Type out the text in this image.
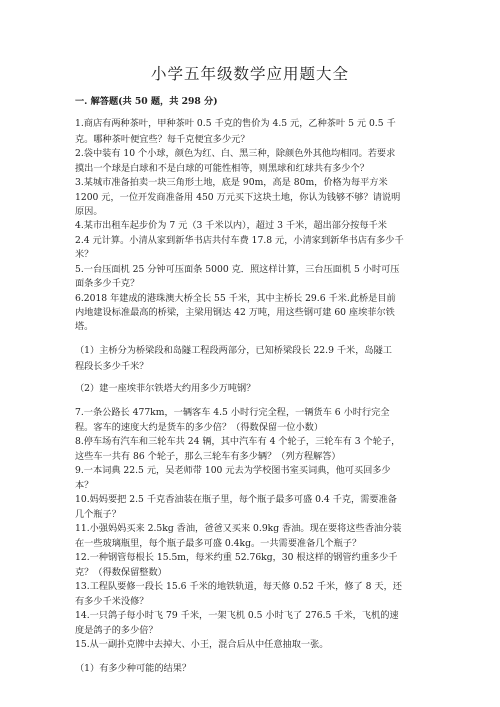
小学五年级数学应用题大全
一. 解答题(共 50 题，共 298 分)
1.商店有两种茶叶，甲种茶叶 0.5 千克的售价为 4.5 元，乙种茶叶 5 元 0.5 千
克。哪种茶叶便宜些？每千克便宜多少元？
2.袋中装有 10 个小球，颜色为红、白、黑三种，除颜色外其他均相同。若要求
摸出一个球是白球和不是白球的可能性相等，则黑球和红球共有多少个？
3.某城市准备拍卖一块三角形土地，底是 90m，高是 80m，价格为每平方米
1200 元，一位开发商准备用 450 万元买下这块土地，你认为钱够不够？请说明
原因。
4.某市出租车起步价为 7 元（3 千米以内），超过 3 千米，超出部分按每千米
2.4 元计算。小清从家到新华书店共付车费 17.8 元，小清家到新华书店有多少千
米？
5.一台压面机 25 分钟可压面条 5000 克．照这样计算，三台压面机 5 小时可压
面条多少千克？
6.2018 年建成的港珠澳大桥全长 55 千米，其中主桥长 29.6 千米.此桥是目前
内地建设标准最高的桥梁，主梁用钢达 42 万吨，用这些钢可建 60 座埃菲尔铁
塔。
（1）主桥分为桥梁段和岛隧工程段两部分，已知桥梁段长 22.9 千米，岛隧工
程段长多少千米？
（2）建一座埃菲尔铁塔大约用多少万吨钢？
7.一条公路长 477km，一辆客车 4.5 小时行完全程，一辆货车 6 小时行完全
程。客车的速度大约是货车的多少倍？（得数保留一位小数）
8.停车场有汽车和三轮车共 24 辆，其中汽车有 4 个轮子，三轮车有 3 个轮子，
这些车一共有 86 个轮子，那么三轮车有多少辆？（列方程解答）
9.一本词典 22.5 元，吴老师带 100 元去为学校图书室买词典，他可买回多少
本？
10.妈妈要把 2.5 千克香油装在瓶子里，每个瓶子最多可盛 0.4 千克，需要准备
几个瓶子？
11.小强妈妈买来 2.5kg 香油，爸爸又买来 0.9kg 香油。现在要将这些香油分装
在一些玻璃瓶里，每个瓶子最多可盛 0.4kg。一共需要准备几个瓶子？
12.一种钢管每根长 15.5m，每米约重 52.76kg，30 根这样的钢管约重多少千
克？（得数保留整数）
13.工程队要修一段长 15.6 千米的地铁轨道，每天修 0.52 千米，修了 8 天，还
有多少千米没修？
14.一只鸽子每小时飞 79 千米，一架飞机 0.5 小时飞了 276.5 千米，飞机的速
度是鸽子的多少倍？
15.从一副扑克牌中去掉大、小王，混合后从中任意抽取一张。
（1）有多少种可能的结果？
